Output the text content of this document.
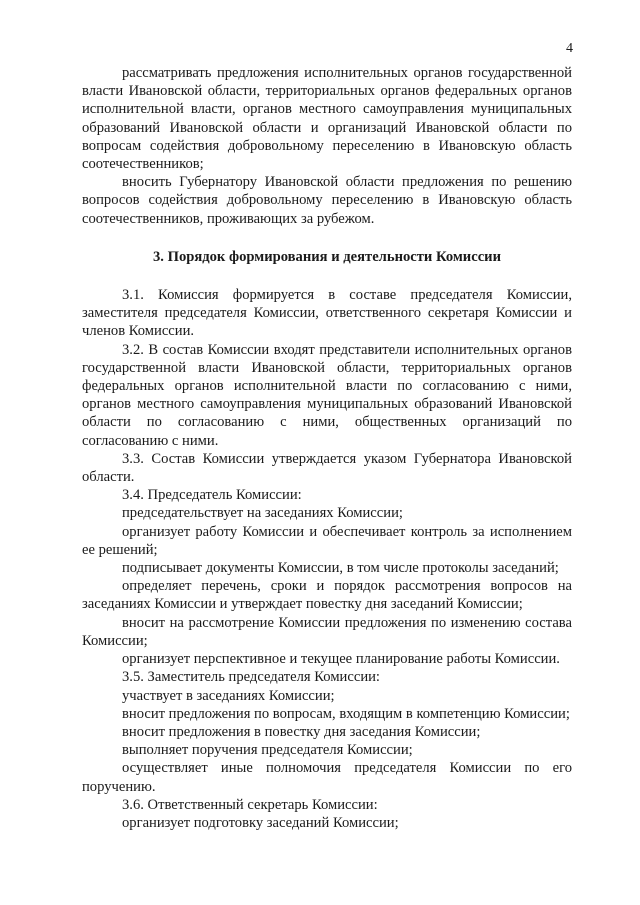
4

рассматривать предложения исполнительных органов государственной власти Ивановской области, территориальных органов федеральных органов исполнительной власти, органов местного самоуправления муниципальных образований Ивановской области и организаций Ивановской области по вопросам содействия добровольному переселению в Ивановскую область соотечественников;

вносить Губернатору Ивановской области предложения по решению вопросов содействия добровольному переселению в Ивановскую область соотечественников, проживающих за рубежом.

3. Порядок формирования и деятельности Комиссии

3.1. Комиссия формируется в составе председателя Комиссии, заместителя председателя Комиссии, ответственного секретаря Комиссии и членов Комиссии.

3.2. В состав Комиссии входят представители исполнительных органов государственной власти Ивановской области, территориальных органов федеральных органов исполнительной власти по согласованию с ними, органов местного самоуправления муниципальных образований Ивановской области по согласованию с ними, общественных организаций по согласованию с ними.

3.3. Состав Комиссии утверждается указом Губернатора Ивановской области.

3.4. Председатель Комиссии:

председательствует на заседаниях Комиссии;

организует работу Комиссии и обеспечивает контроль за исполнением ее решений;

подписывает документы Комиссии, в том числе протоколы заседаний;

определяет перечень, сроки и порядок рассмотрения вопросов на заседаниях Комиссии и утверждает повестку дня заседаний Комиссии;

вносит на рассмотрение Комиссии предложения по изменению состава Комиссии;

организует перспективное и текущее планирование работы Комиссии.

3.5. Заместитель председателя Комиссии:

участвует в заседаниях Комиссии;

вносит предложения по вопросам, входящим в компетенцию Комиссии;

вносит предложения в повестку дня заседания Комиссии;

выполняет поручения председателя Комиссии;

осуществляет иные полномочия председателя Комиссии по его поручению.

3.6. Ответственный секретарь Комиссии:

организует подготовку заседаний Комиссии;
